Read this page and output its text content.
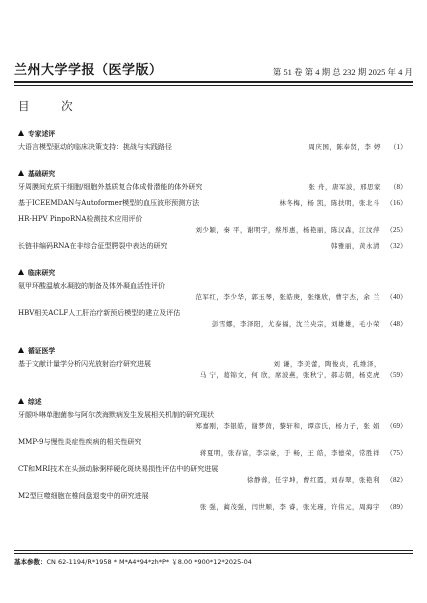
兰州大学学报（医学版）	第 51 卷 第 4 期 总 232 期 2025 年 4 月
目 次
专家述评
大语言模型驱动的临床决策支持：挑战与实践路径	周庆国，陈奉贤，李 婷	（1）
基础研究
牙周膜间充质干细胞/细胞外基质复合体成骨潜能的体外研究	张 舟，唐军波，邢思家	（8）
基于ICEEMDAN与Autoformer模型的血压波形预测方法	林冬梅，杨 凯，陈扶明，张北斗 （16）
HR-HPV PinpoRNA检测技术应用评价
刘少颖，秦 平，谢明宇，蔡彤惠，杨艳丽，陈汉森，江汶萍 （25）
长链非编码RNA在非综合征型腭裂中表达的研究	韩雅丽，黄永清 （32）
临床研究
氨甲环酸温敏水凝胶的制备及体外凝血活性评价
范军红，李少华，郭玉琴，张皓庚，张继欣，曹宇杰，余 兰 （40）
HBV相关ACLF人工肝治疗新预后模型的建立及评估
彭雪娜，李泽阳，尤泰福，沈兰央宗，刘雄雄，毛小荣 （48）
循证医学
基于文献计量学分析闪光放射治疗研究进展	刘 谦，李美蕾，陶俊贞，孔维泽，
马 宁，葛锦文，何 欣，席波燕，张秋宁，郝志朝，杨克虎 （59）
综述
牙龈卟啉单胞菌参与阿尔茨海默病发生发展相关机制的研究现状
郑嘉刚，李银皓，谢梦茵，黎轩和，谭彦氏，杨力子，张 娟 （69）
MMP-9与慢性炎症性疾病的相关性研究
蒋夏明，张春富，李宗豪，于 畅，王 皓，李德荣，常胜祥 （75）
CT和MRI技术在头颈动脉粥样硬化斑块易损性评估中的研究进展
徐静蓉，任宇坤，曹红霞，刘春翠，张艳利 （82）
M2型巨噬细胞在椎间盘退变中的研究进展
张 强，蔺茂强，闫世顺，李 睿，张光瑾，许伟元，周海宇 （89）
基本参数：CN 62-1194/R*1958 * M*A4*94*zh*P* ￥8.00 *900*12*2025-04
